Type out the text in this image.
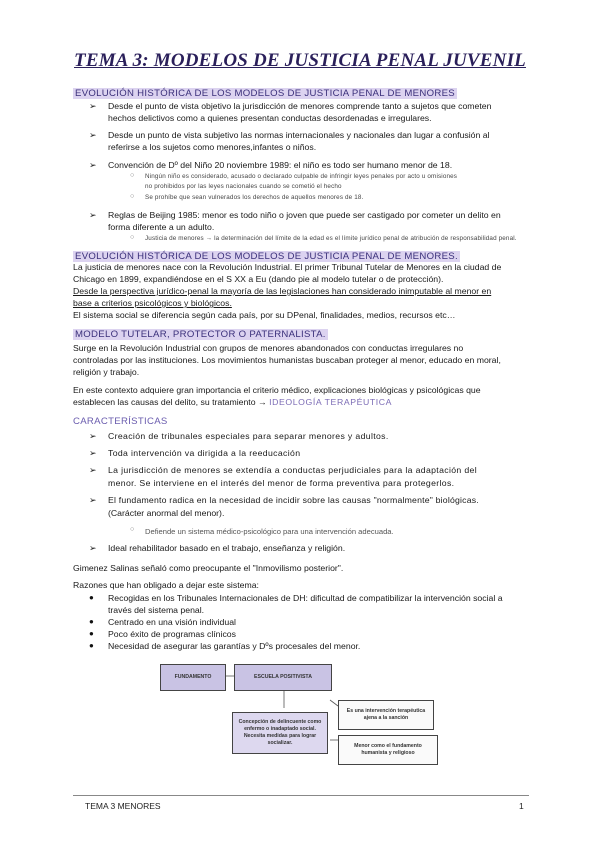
TEMA 3: MODELOS DE JUSTICIA PENAL JUVENIL
EVOLUCIÓN HISTÓRICA DE LOS MODELOS DE JUSTICIA PENAL DE MENORES
➢ Desde el punto de vista objetivo la jurisdicción de menores comprende tanto a sujetos que cometen
hechos delictivos como a quienes presentan conductas desordenadas e irregulares.
➢ Desde un punto de vista subjetivo las normas internacionales y nacionales dan lugar a confusión al
referirse a los sujetos como menores,infantes o niños.
➢ Convención de Dº del Niño 20 noviembre 1989: el niño es todo ser humano menor de 18.
○ Ningún niño es considerado, acusado o declarado culpable de infringir leyes penales por acto u omisiones
no prohibidos por las leyes nacionales cuando se cometió el hecho
○ Se prohíbe que sean vulnerados los derechos de aquellos menores de 18.
➢ Reglas de Beijing 1985: menor es todo niño o joven que puede ser castigado por cometer un delito en
forma diferente a un adulto.
○ Justicia de menores → la determinación del límite de la edad es el límite jurídico penal de atribución de responsabilidad penal.
EVOLUCIÓN HISTÓRICA DE LOS MODELOS DE JUSTICIA PENAL DE MENORES.
La justicia de menores nace con la Revolución Industrial. El primer Tribunal Tutelar de Menores en la ciudad de
Chicago en 1899, expandiéndose en el S XX a Eu (dando pie al modelo tutelar o de protección).
Desde la perspectiva jurídico-penal la mayoría de las legislaciones han considerado inimputable al menor en
base a criterios psicológicos y biológicos.
El sistema social se diferencia según cada país, por su DPenal, finalidades, medios, recursos etc…
MODELO TUTELAR, PROTECTOR O PATERNALISTA.
Surge en la Revolución Industrial con grupos de menores abandonados con conductas irregulares no
controladas por las instituciones. Los movimientos humanistas buscaban proteger al menor, educado en moral,
religión y trabajo.
En este contexto adquiere gran importancia el criterio médico, explicaciones biológicas y psicológicas que
establecen las causas del delito, su tratamiento → IDEOLOGÍA TERAPÉUTICA
CARACTERÍSTICAS
➢ Creación de tribunales especiales para separar menores y adultos.
➢ Toda intervención va dirigida a la reeducación
➢ La jurisdicción de menores se extendía a conductas perjudiciales para la adaptación del
menor. Se interviene en el interés del menor de forma preventiva para protegerlos.
➢ El fundamento radica en la necesidad de incidir sobre las causas "normalmente" biológicas.
(Carácter anormal del menor).
○ Defiende un sistema médico-psicológico para una intervención adecuada.
➢ Ideal rehabilitador basado en el trabajo, enseñanza y religión.
Gimenez Salinas señaló como preocupante el "Inmovilismo posterior".
Razones que han obligado a dejar este sistema:
● Recogidas en los Tribunales Internacionales de DH: dificultad de compatibilizar la intervención social a
través del sistema penal.
● Centrado en una visión individual
● Poco éxito de programas clínicos
● Necesidad de asegurar las garantías y Dºs procesales del menor.
FUNDAMENTO	ESCUELA POSITIVISTA
Concepción de delincuente como enfermo o inadaptado social. Necesita medidas para lograr socializar.
Es una intervención terapéutica ajena a la sanción
Menor como el fundamento humanista y religioso
TEMA 3 MENORES	1
